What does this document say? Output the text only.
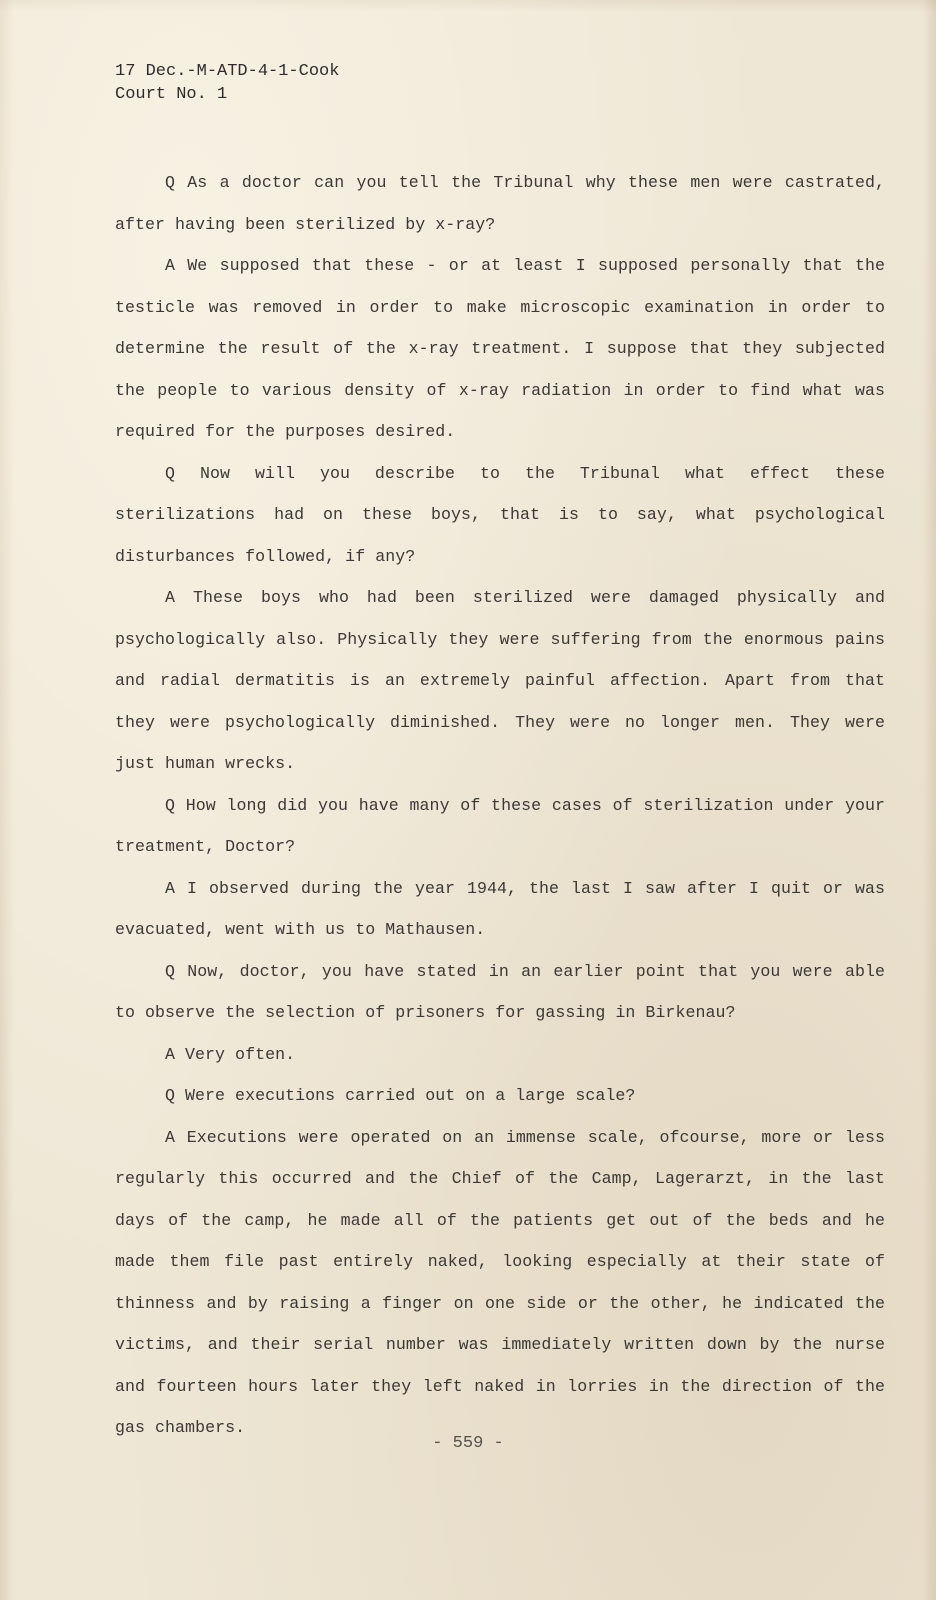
17 Dec.-M-ATD-4-1-Cook
Court No. 1

Q As a doctor can you tell the Tribunal why these men were castrated, after having been sterilized by x-ray?

A We supposed that these - or at least I supposed personally that the testicle was removed in order to make microscopic examination in order to determine the result of the x-ray treatment. I suppose that they subjected the people to various density of x-ray radiation in order to find what was required for the purposes desired.

Q Now will you describe to the Tribunal what effect these sterilizations had on these boys, that is to say, what psychological disturbances followed, if any?

A These boys who had been sterilized were damaged physically and psychologically also. Physically they were suffering from the enormous pains and radial dermatitis is an extremely painful affection. Apart from that they were psychologically diminished. They were no longer men. They were just human wrecks.

Q How long did you have many of these cases of sterilization under your treatment, Doctor?

A I observed during the year 1944, the last I saw after I quit or was evacuated, went with us to Mathausen.

Q Now, doctor, you have stated in an earlier point that you were able to observe the selection of prisoners for gassing in Birkenau?

A Very often.

Q Were executions carried out on a large scale?

A Executions were operated on an immense scale, ofcourse, more or less regularly this occurred and the Chief of the Camp, Lagerarzt, in the last days of the camp, he made all of the patients get out of the beds and he made them file past entirely naked, looking especially at their state of thinness and by raising a finger on one side or the other, he indicated the victims, and their serial number was immediately written down by the nurse and fourteen hours later they left naked in lorries in the direction of the gas chambers.

- 559 -
